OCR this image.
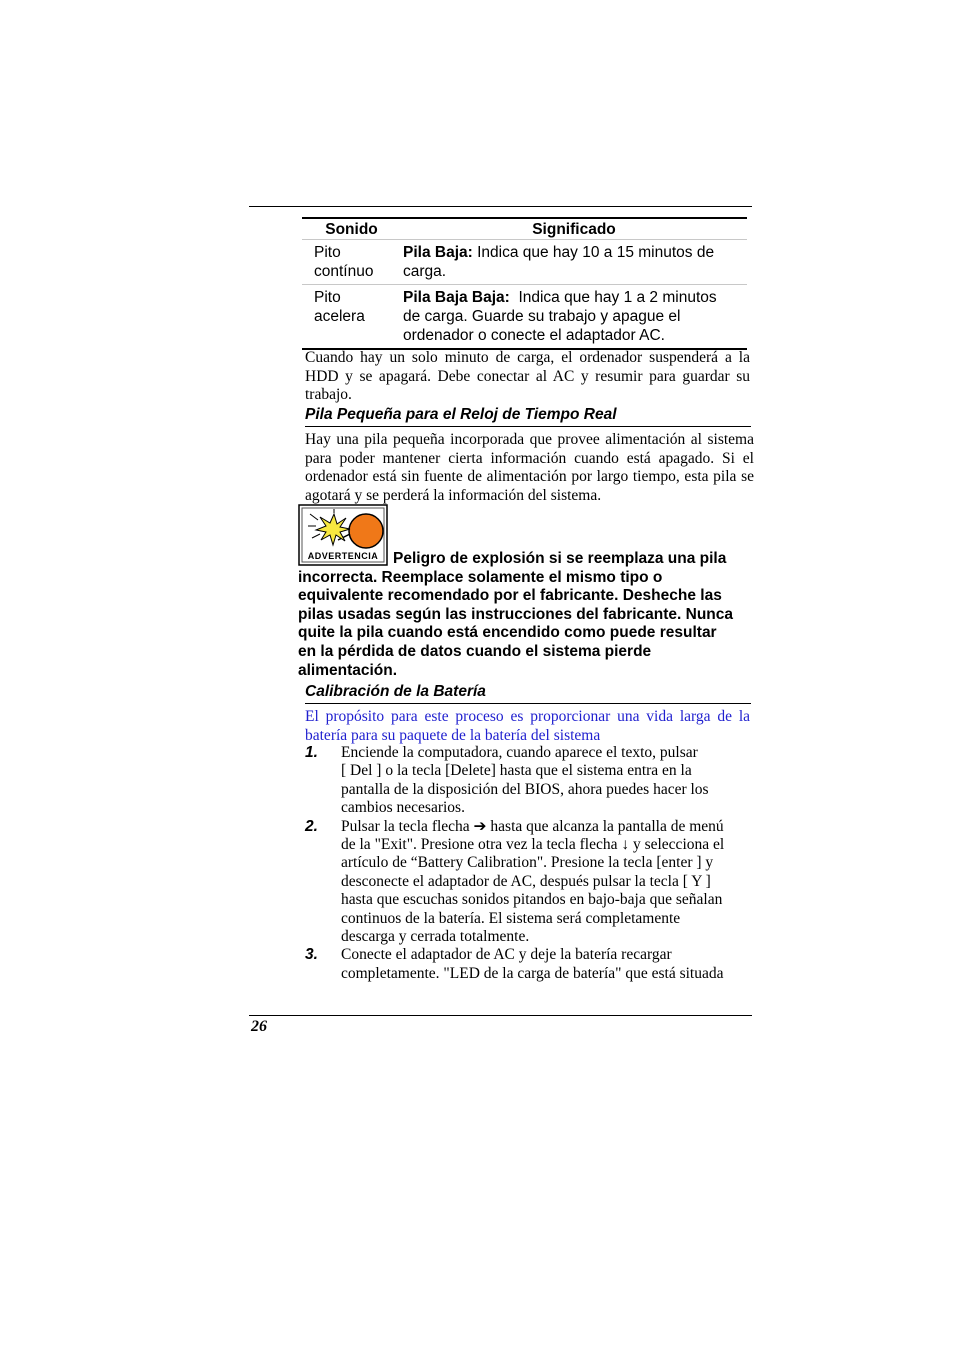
Sonido	Significado
Pito
contínuo	Pila Baja: Indica que hay 10 a 15 minutos de
carga.
Pito
acelera	Pila Baja Baja:  Indica que hay 1 a 2 minutos
de carga. Guarde su trabajo y apague el
ordenador o conecte el adaptador AC.
Cuando hay un solo minuto de carga, el ordenador suspenderá a la HDD y se apagará. Debe conectar al AC y resumir para guardar su trabajo.
Pila Pequeña para el Reloj de Tiempo Real
Hay una pila pequeña incorporada que provee alimentación al sistema para poder mantener cierta información cuando está apagado. Si el ordenador está sin fuente de alimentación por largo tiempo, esta pila se agotará y se perderá la información del sistema.
ADVERTENCIA Peligro de explosión si se reemplaza una pila
incorrecta. Reemplace solamente el mismo tipo o
equivalente recomendado por el fabricante. Desheche las
pilas usadas según las instrucciones del fabricante. Nunca
quite la pila cuando está encendido como puede resultar
en la pérdida de datos cuando el sistema pierde
alimentación.
Calibración de la Batería
El propósito para este proceso es proporcionar una vida larga de la batería para su paquete de la batería del sistema
1.	Enciende la computadora, cuando aparece el texto, pulsar
[ Del ] o la tecla [Delete] hasta que el sistema entra en la
pantalla de la disposición del BIOS, ahora puedes hacer los
cambios necesarios.
2.	Pulsar la tecla flecha ➔ hasta que alcanza la pantalla de menú
de la "Exit". Presione otra vez la tecla flecha ↓ y selecciona el
artículo de “Battery Calibration". Presione la tecla [enter ] y
desconecte el adaptador de AC, después pulsar la tecla [ Y ]
hasta que escuchas sonidos pitandos en bajo-baja que señalan
continuos de la batería. El sistema será completamente
descarga y cerrada totalmente.
3.	Conecte el adaptador de AC y deje la batería recargar
completamente. "LED de la carga de batería" que está situada
26
